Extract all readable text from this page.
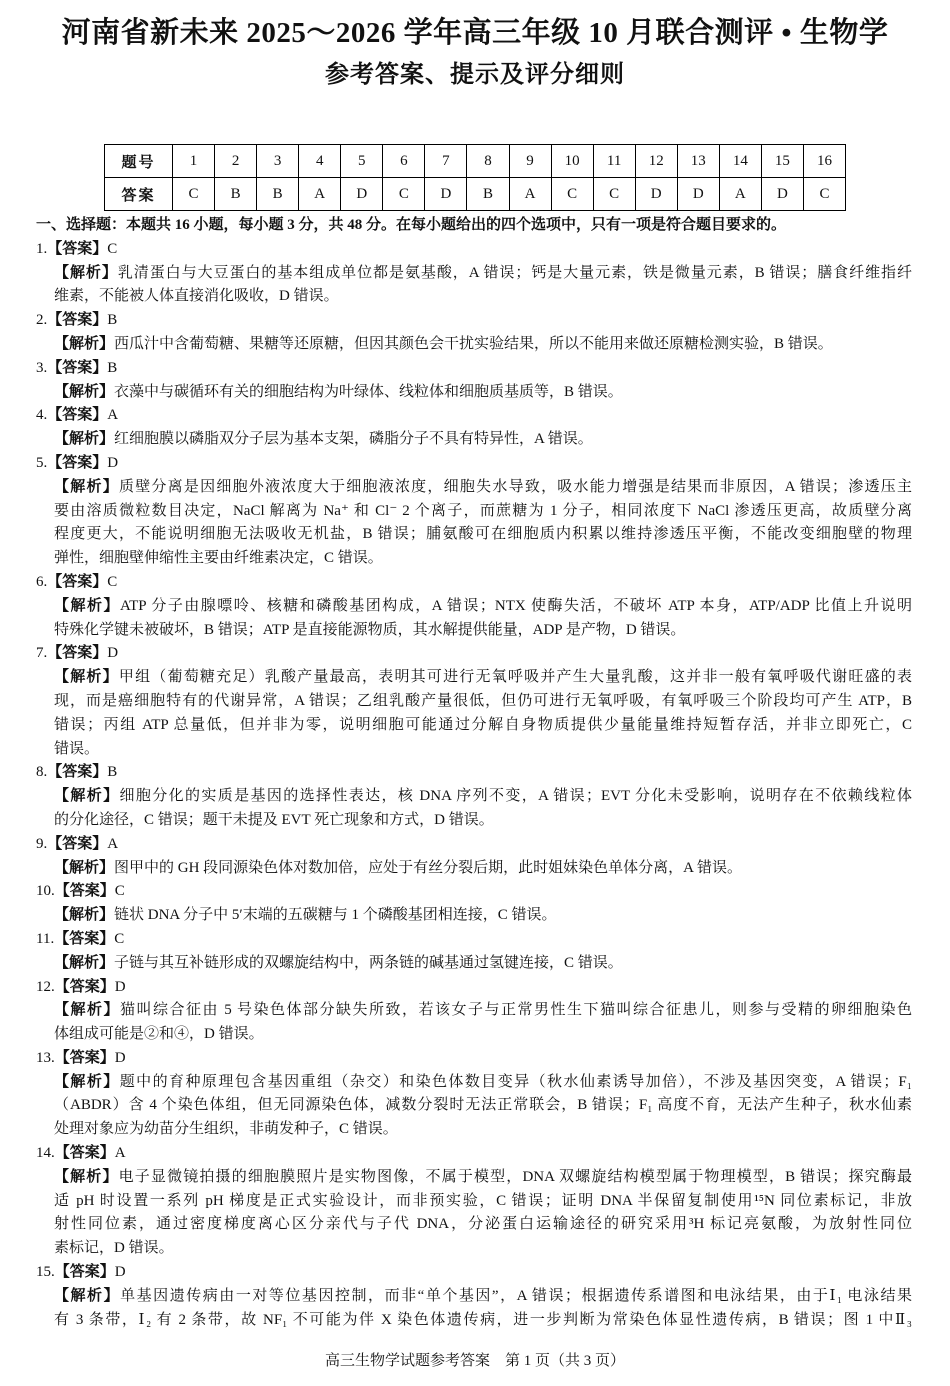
河南省新未来 2025～2026 学年高三年级 10 月联合测评 • 生物学
参考答案、提示及评分细则
题号	1	2	3	4	5	6	7	8	9	10	11	12	13	14	15	16
答案	C	B	B	A	D	C	D	B	A	C	C	D	D	A	D	C
一、选择题：本题共 16 小题，每小题 3 分，共 48 分。在每小题给出的四个选项中，只有一项是符合题目要求的。
1.【答案】C
【解析】乳清蛋白与大豆蛋白的基本组成单位都是氨基酸，A 错误；钙是大量元素，铁是微量元素，B 错误；膳食纤维指纤
维素，不能被人体直接消化吸收，D 错误。
2.【答案】B
【解析】西瓜汁中含葡萄糖、果糖等还原糖，但因其颜色会干扰实验结果，所以不能用来做还原糖检测实验，B 错误。
3.【答案】B
【解析】衣藻中与碳循环有关的细胞结构为叶绿体、线粒体和细胞质基质等，B 错误。
4.【答案】A
【解析】红细胞膜以磷脂双分子层为基本支架，磷脂分子不具有特异性，A 错误。
5.【答案】D
【解析】质壁分离是因细胞外液浓度大于细胞液浓度，细胞失水导致，吸水能力增强是结果而非原因，A 错误；渗透压主
要由溶质微粒数目决定，NaCl 解离为 Na⁺ 和 Cl⁻ 2 个离子，而蔗糖为 1 分子，相同浓度下 NaCl 渗透压更高，故质壁分离
程度更大，不能说明细胞无法吸收无机盐，B 错误；脯氨酸可在细胞质内积累以维持渗透压平衡，不能改变细胞壁的物理
弹性，细胞壁伸缩性主要由纤维素决定，C 错误。
6.【答案】C
【解析】ATP 分子由腺嘌呤、核糖和磷酸基团构成，A 错误；NTX 使酶失活，不破坏 ATP 本身，ATP/ADP 比值上升说明
特殊化学键未被破坏，B 错误；ATP 是直接能源物质，其水解提供能量，ADP 是产物，D 错误。
7.【答案】D
【解析】甲组（葡萄糖充足）乳酸产量最高，表明其可进行无氧呼吸并产生大量乳酸，这并非一般有氧呼吸代谢旺盛的表
现，而是癌细胞特有的代谢异常，A 错误；乙组乳酸产量很低，但仍可进行无氧呼吸，有氧呼吸三个阶段均可产生 ATP，B
错误；丙组 ATP 总量低，但并非为零，说明细胞可能通过分解自身物质提供少量能量维持短暂存活，并非立即死亡，C
错误。
8.【答案】B
【解析】细胞分化的实质是基因的选择性表达，核 DNA 序列不变，A 错误；EVT 分化未受影响，说明存在不依赖线粒体
的分化途径，C 错误；题干未提及 EVT 死亡现象和方式，D 错误。
9.【答案】A
【解析】图甲中的 GH 段同源染色体对数加倍，应处于有丝分裂后期，此时姐妹染色单体分离，A 错误。
10.【答案】C
【解析】链状 DNA 分子中 5′末端的五碳糖与 1 个磷酸基团相连接，C 错误。
11.【答案】C
【解析】子链与其互补链形成的双螺旋结构中，两条链的碱基通过氢键连接，C 错误。
12.【答案】D
【解析】猫叫综合征由 5 号染色体部分缺失所致，若该女子与正常男性生下猫叫综合征患儿，则参与受精的卵细胞染色
体组成可能是②和④，D 错误。
13.【答案】D
【解析】题中的育种原理包含基因重组（杂交）和染色体数目变异（秋水仙素诱导加倍），不涉及基因突变，A 错误；F₁
（ABDR）含 4 个染色体组，但无同源染色体，减数分裂时无法正常联会，B 错误；F₁ 高度不育，无法产生种子，秋水仙素
处理对象应为幼苗分生组织，非萌发种子，C 错误。
14.【答案】A
【解析】电子显微镜拍摄的细胞膜照片是实物图像，不属于模型，DNA 双螺旋结构模型属于物理模型，B 错误；探究酶最
适 pH 时设置一系列 pH 梯度是正式实验设计，而非预实验，C 错误；证明 DNA 半保留复制使用¹⁵N 同位素标记，非放
射性同位素，通过密度梯度离心区分亲代与子代 DNA，分泌蛋白运输途径的研究采用³H 标记亮氨酸，为放射性同位
素标记，D 错误。
15.【答案】D
【解析】单基因遗传病由一对等位基因控制，而非“单个基因”，A 错误；根据遗传系谱图和电泳结果，由于Ⅰ₁ 电泳结果
有 3 条带，Ⅰ₂ 有 2 条带，故 NF₁ 不可能为伴 X 染色体遗传病，进一步判断为常染色体显性遗传病，B 错误；图 1 中Ⅱ₃
高三生物学试题参考答案　第 1 页（共 3 页）
